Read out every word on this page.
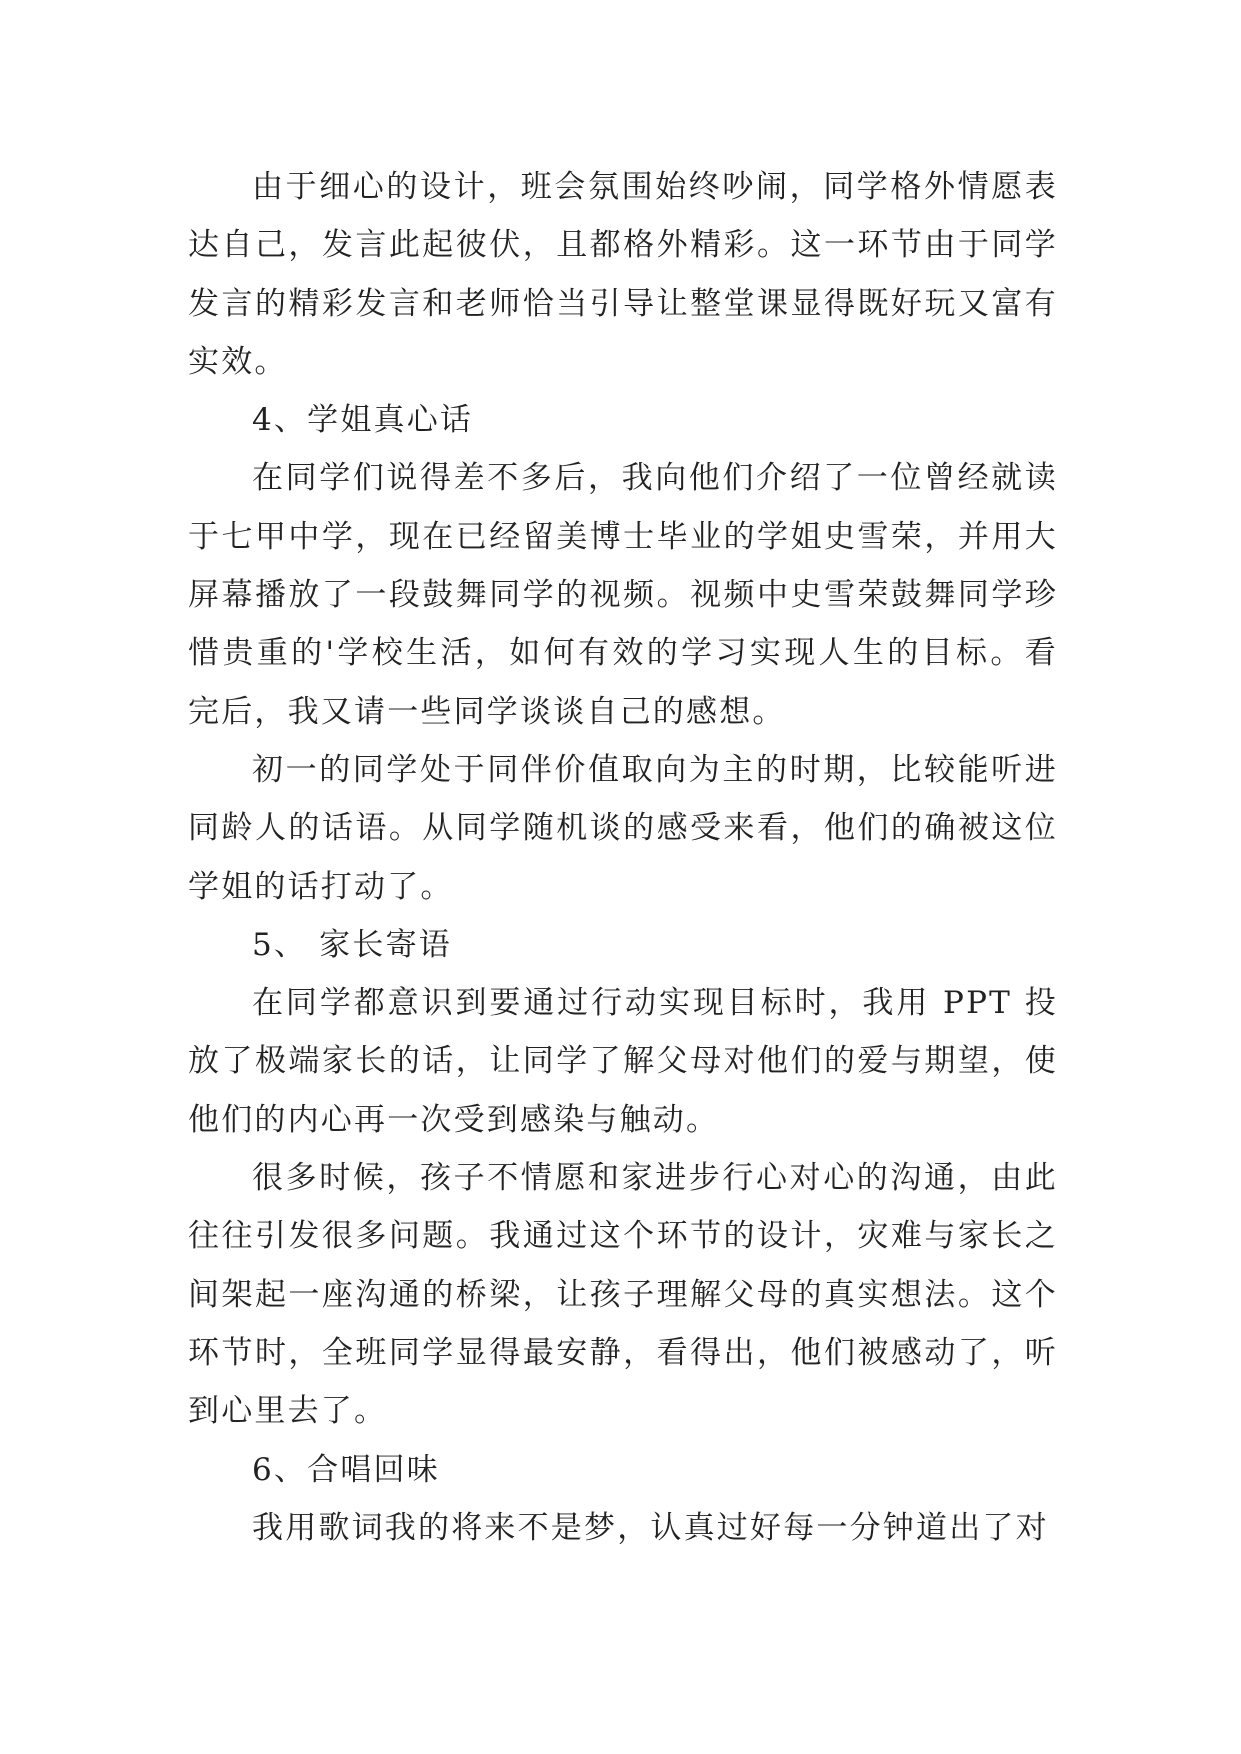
由于细心的设计，班会氛围始终吵闹，同学格外情愿表达自己，发言此起彼伏，且都格外精彩。这一环节由于同学发言的精彩发言和老师恰当引导让整堂课显得既好玩又富有实效。

4、学姐真心话

在同学们说得差不多后，我向他们介绍了一位曾经就读于七甲中学，现在已经留美博士毕业的学姐史雪荣，并用大屏幕播放了一段鼓舞同学的视频。视频中史雪荣鼓舞同学珍惜贵重的'学校生活，如何有效的学习实现人生的目标。看完后，我又请一些同学谈谈自己的感想。

初一的同学处于同伴价值取向为主的时期，比较能听进同龄人的话语。从同学随机谈的感受来看，他们的确被这位学姐的话打动了。

5、 家长寄语

在同学都意识到要通过行动实现目标时，我用 PPT 投放了极端家长的话，让同学了解父母对他们的爱与期望，使他们的内心再一次受到感染与触动。

很多时候，孩子不情愿和家进步行心对心的沟通，由此往往引发很多问题。我通过这个环节的设计，灾难与家长之间架起一座沟通的桥梁，让孩子理解父母的真实想法。这个环节时，全班同学显得最安静，看得出，他们被感动了，听到心里去了。

6、合唱回味

我用歌词我的将来不是梦，认真过好每一分钟道出了对
